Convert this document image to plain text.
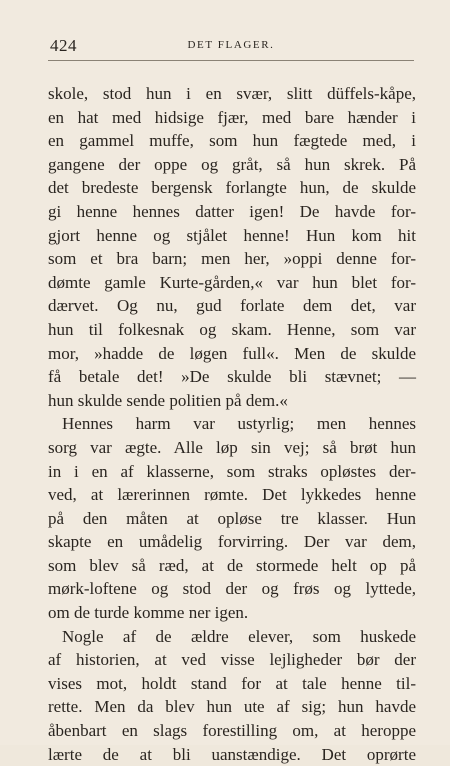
424	DET FLAGER.
skole, stod hun i en svær, slitt düffels-kåpe,
en hat med hidsige fjær, med bare hænder i
en gammel muffe, som hun fægtede med, i
gangene der oppe og gråt, så hun skrek. På
det bredeste bergensk forlangte hun, de skulde
gi henne hennes datter igen! De havde for-
gjort henne og stjålet henne! Hun kom hit
som et bra barn; men her, »oppi denne for-
dømte gamle Kurte-gården,« var hun blet for-
dærvet. Og nu, gud forlate dem det, var
hun til folkesnak og skam. Henne, som var
mor, »hadde de løgen full«. Men de skulde
få betale det! »De skulde bli stævnet; —
hun skulde sende politien på dem.«
Hennes harm var ustyrlig; men hennes
sorg var ægte. Alle løp sin vej; så brøt hun
in i en af klasserne, som straks opløstes der-
ved, at lærerinnen rømte. Det lykkedes henne
på den måten at opløse tre klasser. Hun
skapte en umådelig forvirring. Der var dem,
som blev så ræd, at de stormede helt op på
mørk-loftene og stod der og frøs og lyttede,
om de turde komme ner igen.
Nogle af de ældre elever, som huskede
af historien, at ved visse lejligheder bør der
vises mot, holdt stand for at tale henne til-
rette. Men da blev hun ute af sig; hun havde
åbenbart en slags forestilling om, at heroppe
lærte de at bli uanstændige. Det oprørte
